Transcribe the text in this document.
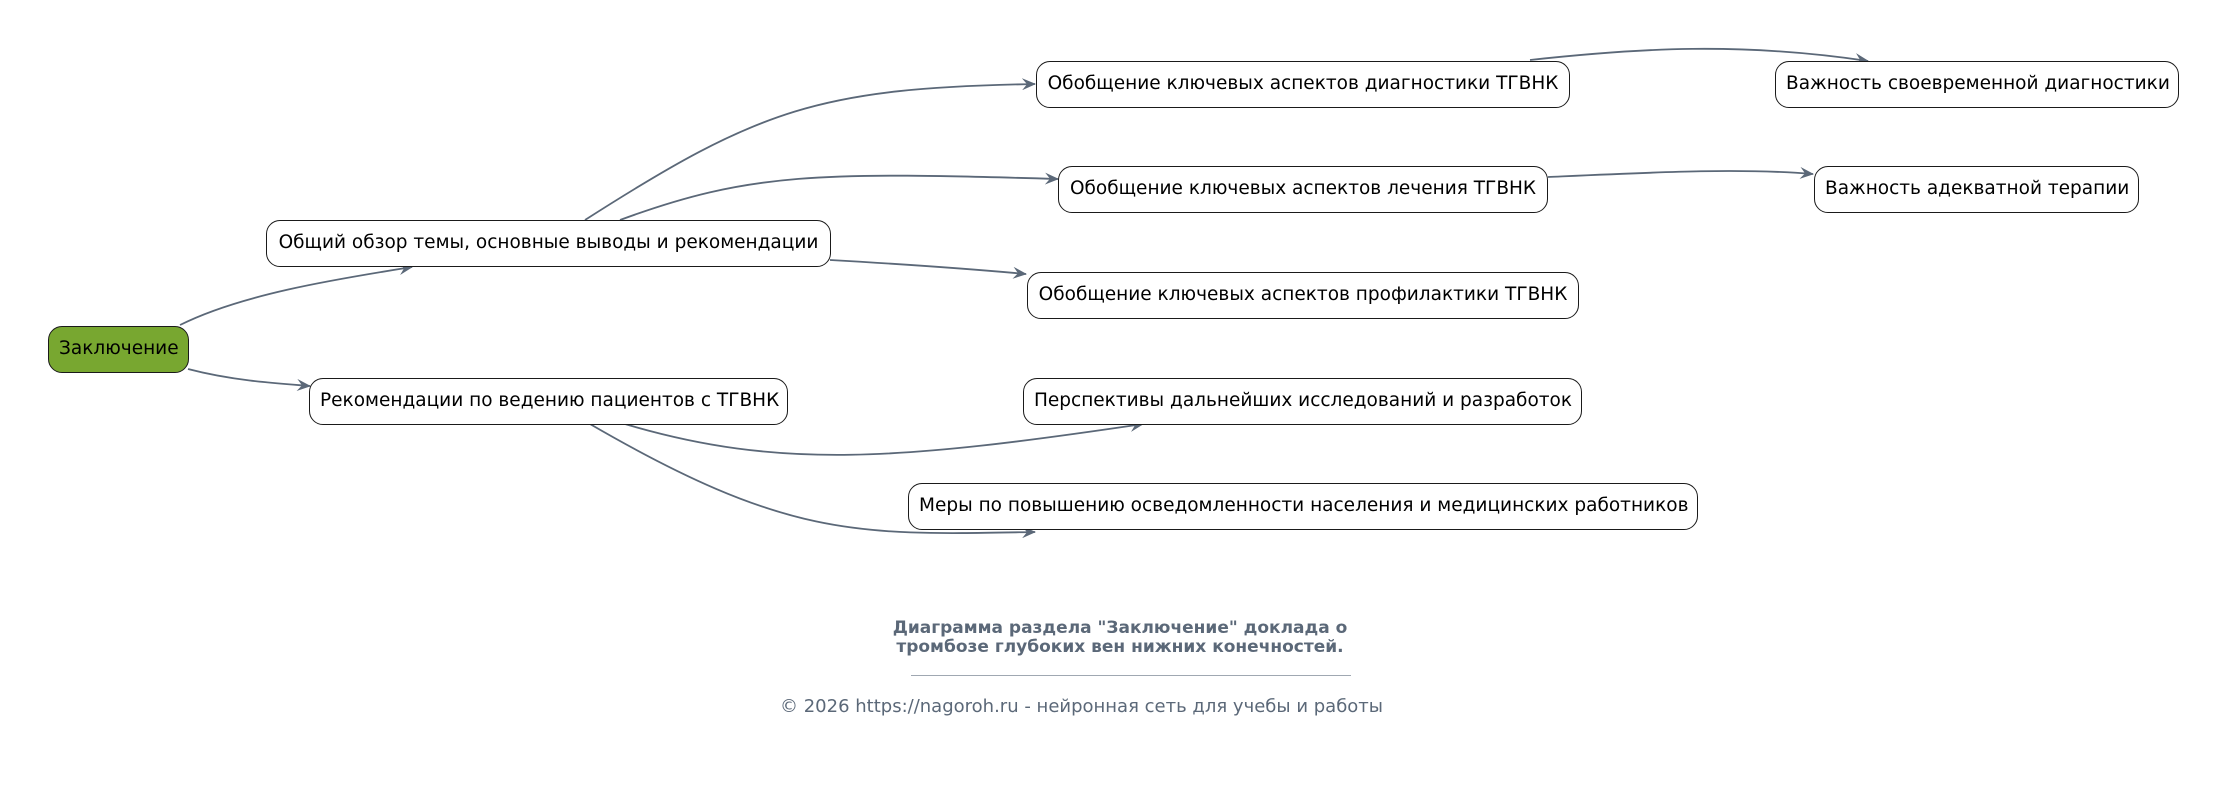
Заключение
Общий обзор темы, основные выводы и рекомендации
Рекомендации по ведению пациентов с ТГВНК
Обобщение ключевых аспектов диагностики ТГВНК
Обобщение ключевых аспектов лечения ТГВНК
Обобщение ключевых аспектов профилактики ТГВНК
Перспективы дальнейших исследований и разработок
Меры по повышению осведомленности населения и медицинских работников
Важность своевременной диагностики
Важность адекватной терапии
Диаграмма раздела "Заключение" доклада о
тромбозе глубоких вен нижних конечностей.
© 2026 https://nagoroh.ru - нейронная сеть для учебы и работы
